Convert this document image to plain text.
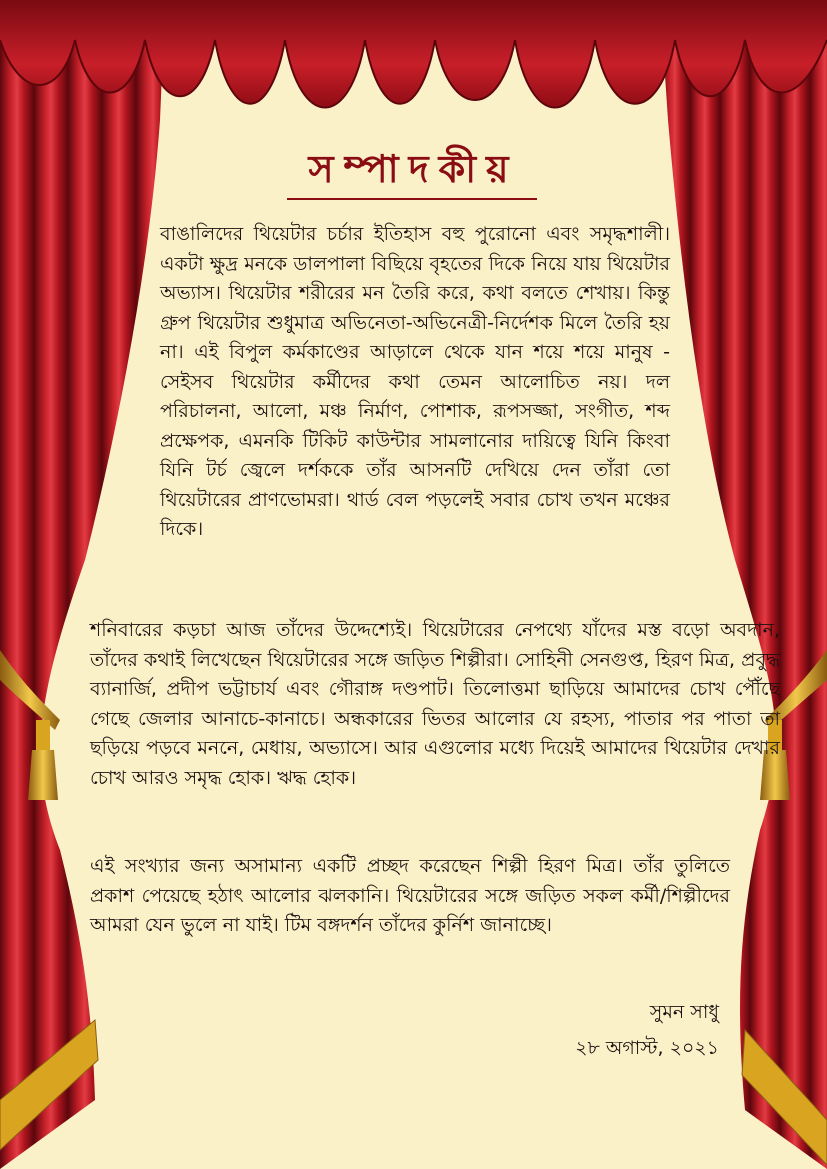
সম্পাদকীয়
বাঙালিদের থিয়েটার চর্চার ইতিহাস বহু পুরোনো এবং সমৃদ্ধশালী। একটা ক্ষুদ্র মনকে ডালপালা বিছিয়ে বৃহতের দিকে নিয়ে যায় থিয়েটার অভ্যাস। থিয়েটার শরীরের মন তৈরি করে, কথা বলতে শেখায়। কিন্তু গ্রুপ থিয়েটার শুধুমাত্র অভিনেতা-অভিনেত্রী-নির্দেশক মিলে তৈরি হয় না। এই বিপুল কর্মকাণ্ডের আড়ালে থেকে যান শয়ে শয়ে মানুষ - সেইসব থিয়েটার কর্মীদের কথা তেমন আলোচিত নয়। দল পরিচালনা, আলো, মঞ্চ নির্মাণ, পোশাক, রূপসজ্জা, সংগীত, শব্দ প্রক্ষেপক, এমনকি টিকিট কাউন্টার সামলানোর দায়িত্বে যিনি কিংবা যিনি টর্চ জ্বেলে দর্শককে তাঁর আসনটি দেখিয়ে দেন তাঁরা তো থিয়েটারের প্রাণভোমরা। থার্ড বেল পড়লেই সবার চোখ তখন মঞ্চের দিকে।
শনিবারের কড়চা আজ তাঁদের উদ্দেশ্যেই। থিয়েটারের নেপথ্যে যাঁদের মস্ত বড়ো অবদান, তাঁদের কথাই লিখেছেন থিয়েটারের সঙ্গে জড়িত শিল্পীরা। সোহিনী সেনগুপ্ত, হিরণ মিত্র, প্রবুদ্ধ ব্যানার্জি, প্রদীপ ভট্টাচার্য এবং গৌরাঙ্গ দণ্ডপাট। তিলোত্তমা ছাড়িয়ে আমাদের চোখ পৌঁছে গেছে জেলার আনাচে-কানাচে। অন্ধকারের ভিতর আলোর যে রহস্য, পাতার পর পাতা তা ছড়িয়ে পড়বে মননে, মেধায়, অভ্যাসে। আর এগুলোর মধ্যে দিয়েই আমাদের থিয়েটার দেখার চোখ আরও সমৃদ্ধ হোক। ঋদ্ধ হোক।
এই সংখ্যার জন্য অসামান্য একটি প্রচ্ছদ করেছেন শিল্পী হিরণ মিত্র। তাঁর তুলিতে প্রকাশ পেয়েছে হঠাৎ আলোর ঝলকানি। থিয়েটারের সঙ্গে জড়িত সকল কর্মী/শিল্পীদের আমরা যেন ভুলে না যাই। টিম বঙ্গদর্শন তাঁদের কুর্নিশ জানাচ্ছে।
সুমন সাধু
২৮ অগাস্ট, ২০২১
